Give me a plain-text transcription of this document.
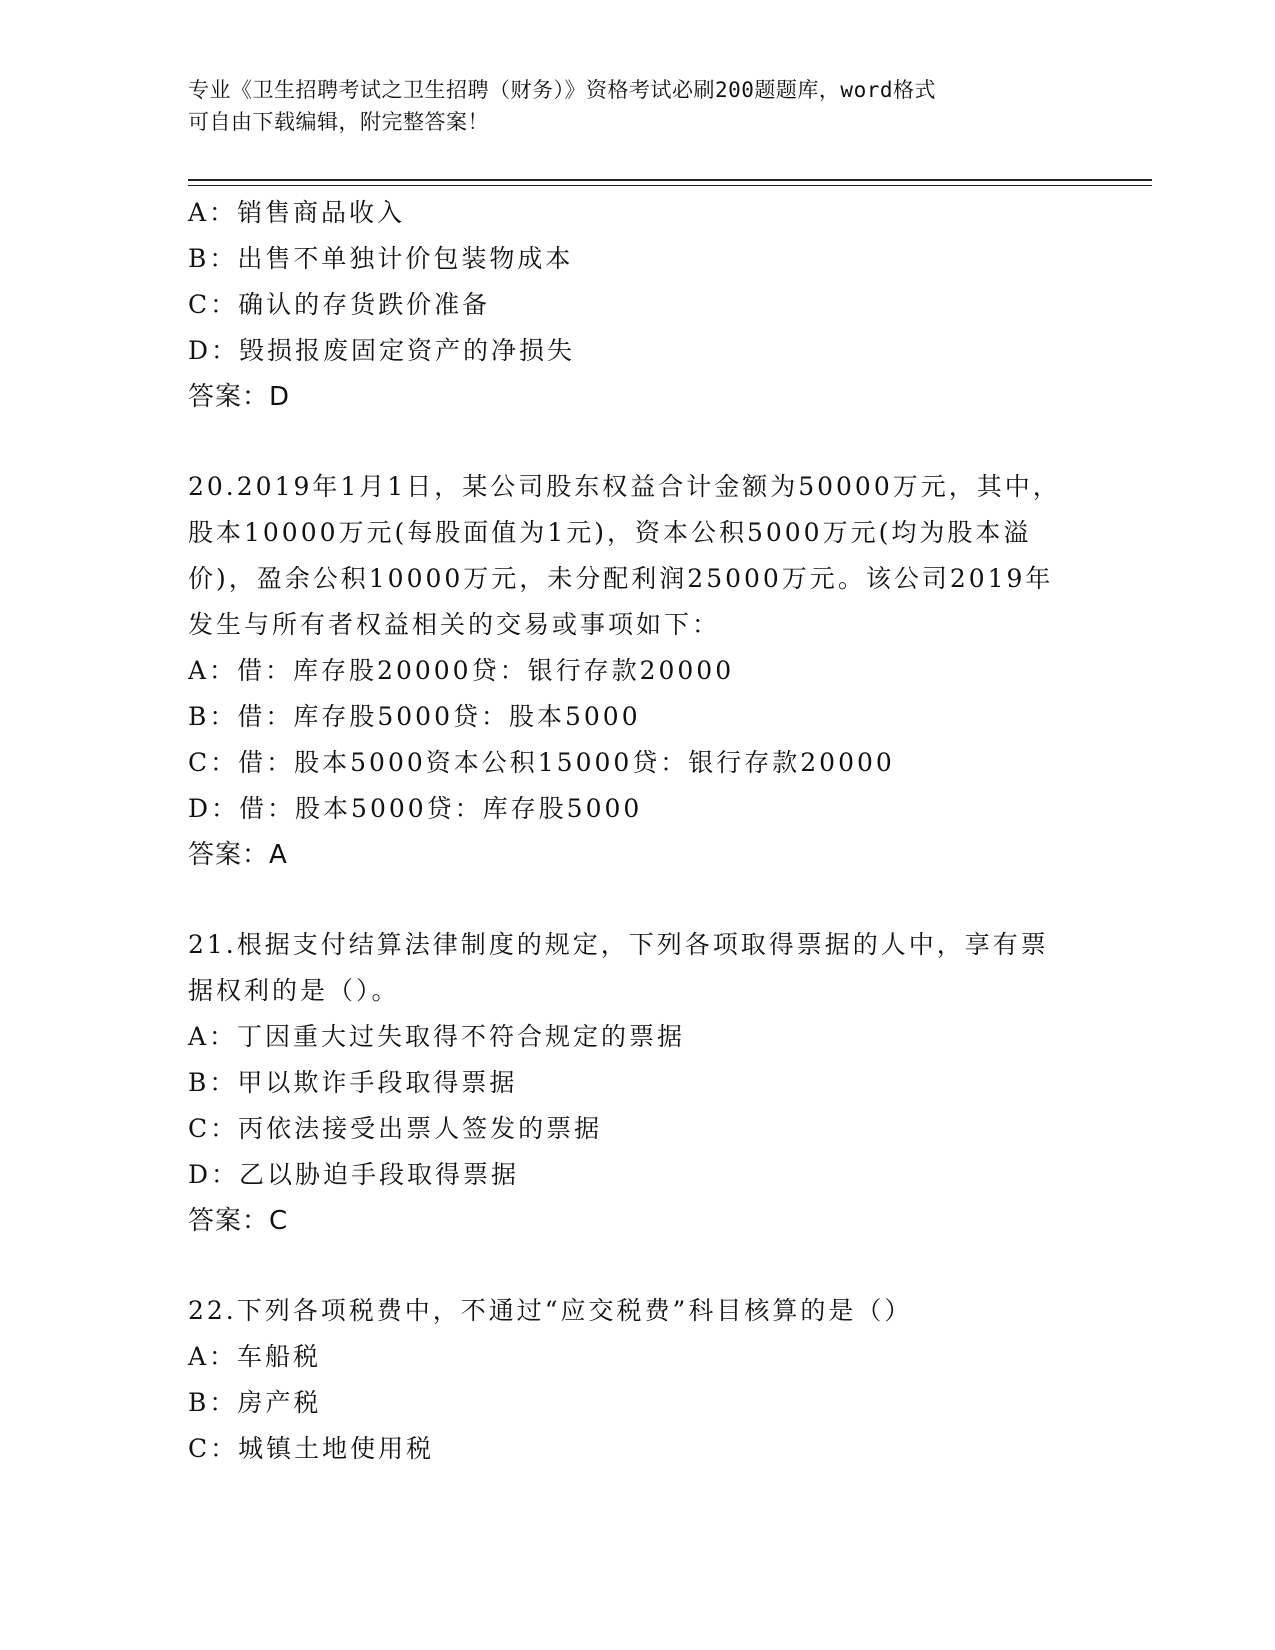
专业《卫生招聘考试之卫生招聘（财务）》资格考试必刷200题题库，word格式
可自由下载编辑，附完整答案！
A：销售商品收入
B：出售不单独计价包装物成本
C：确认的存货跌价准备
D：毁损报废固定资产的净损失
答案：D
20.2019年1月1日，某公司股东权益合计金额为50000万元，其中，
股本10000万元(每股面值为1元)，资本公积5000万元(均为股本溢
价)，盈余公积10000万元，未分配利润25000万元。该公司2019年
发生与所有者权益相关的交易或事项如下：
A：借：库存股20000贷：银行存款20000
B：借：库存股5000贷：股本5000
C：借：股本5000资本公积15000贷：银行存款20000
D：借：股本5000贷：库存股5000
答案：A
21.根据支付结算法律制度的规定，下列各项取得票据的人中，享有票
据权利的是（）。
A：丁因重大过失取得不符合规定的票据
B：甲以欺诈手段取得票据
C：丙依法接受出票人签发的票据
D：乙以胁迫手段取得票据
答案：C
22.下列各项税费中，不通过“应交税费”科目核算的是（）
A：车船税
B：房产税
C：城镇土地使用税
